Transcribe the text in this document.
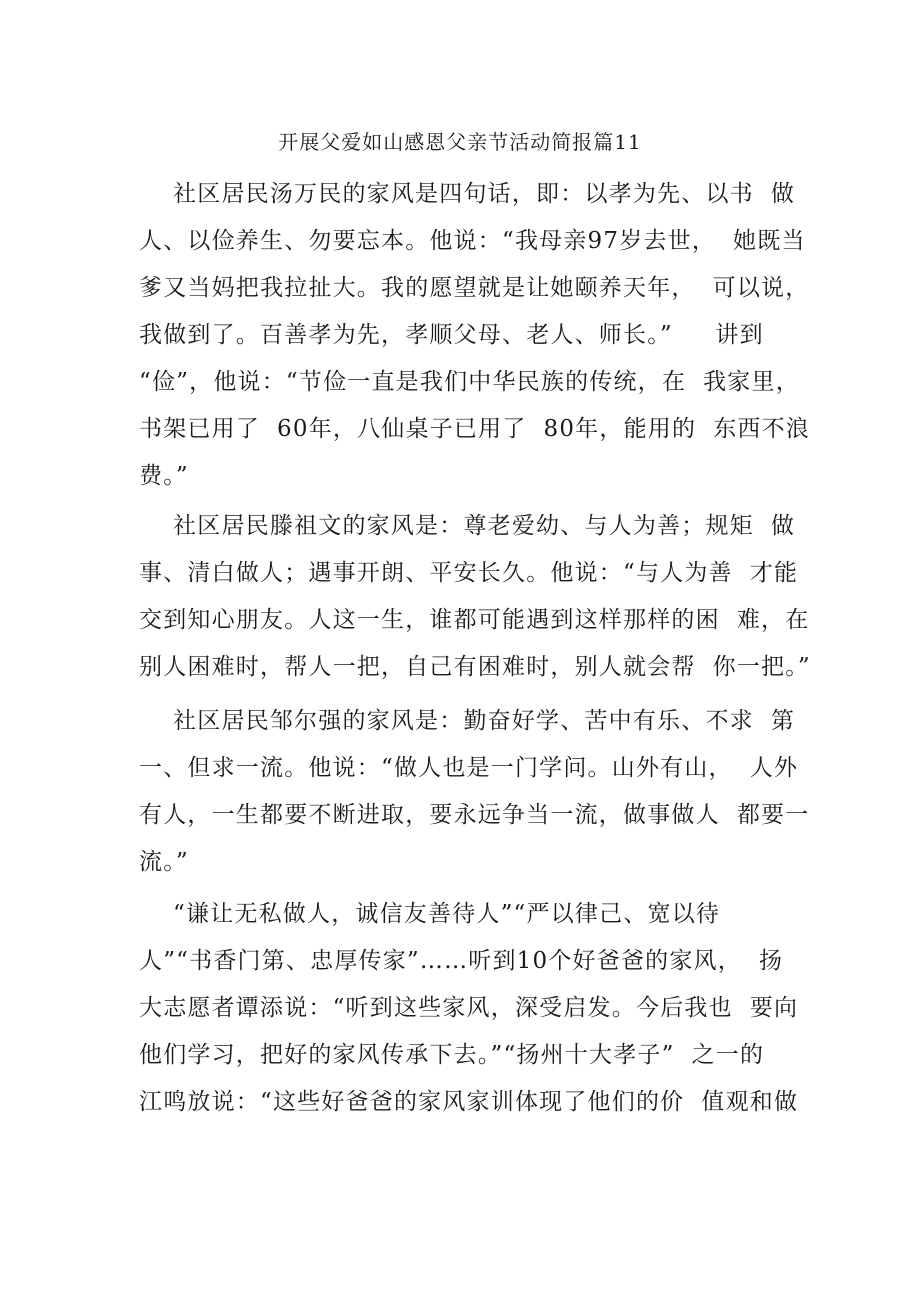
开展父爱如山感恩父亲节活动简报篇11
社区居民汤万民的家风是四句话，即：以孝为先、以书  做
人、以俭养生、勿要忘本。他说：“我母亲97岁去世，  她既当
爹又当妈把我拉扯大。我的愿望就是让她颐养天年，  可以说，
我做到了。百善孝为先，孝顺父母、老人、师长。”     讲到
“俭”，他说：“节俭一直是我们中华民族的传统，在  我家里，
书架已用了  60年，八仙桌子已用了  80年，能用的  东西不浪
费。”
社区居民滕祖文的家风是：尊老爱幼、与人为善；规矩  做
事、清白做人；遇事开朗、平安长久。他说：“与人为善  才能
交到知心朋友。人这一生，谁都可能遇到这样那样的困  难，在
别人困难时，帮人一把，自己有困难时，别人就会帮  你一把。”
社区居民邹尔强的家风是：勤奋好学、苦中有乐、不求  第
一、但求一流。他说：“做人也是一门学问。山外有山，  人外
有人，一生都要不断进取，要永远争当一流，做事做人  都要一
流。”
“谦让无私做人，诚信友善待人”“严以律己、宽以待
人”“书香门第、忠厚传家”……听到10个好爸爸的家风，  扬
大志愿者谭添说：“听到这些家风，深受启发。今后我也  要向
他们学习，把好的家风传承下去。”“扬州十大孝子”  之一的
江鸣放说：“这些好爸爸的家风家训体现了他们的价  值观和做
